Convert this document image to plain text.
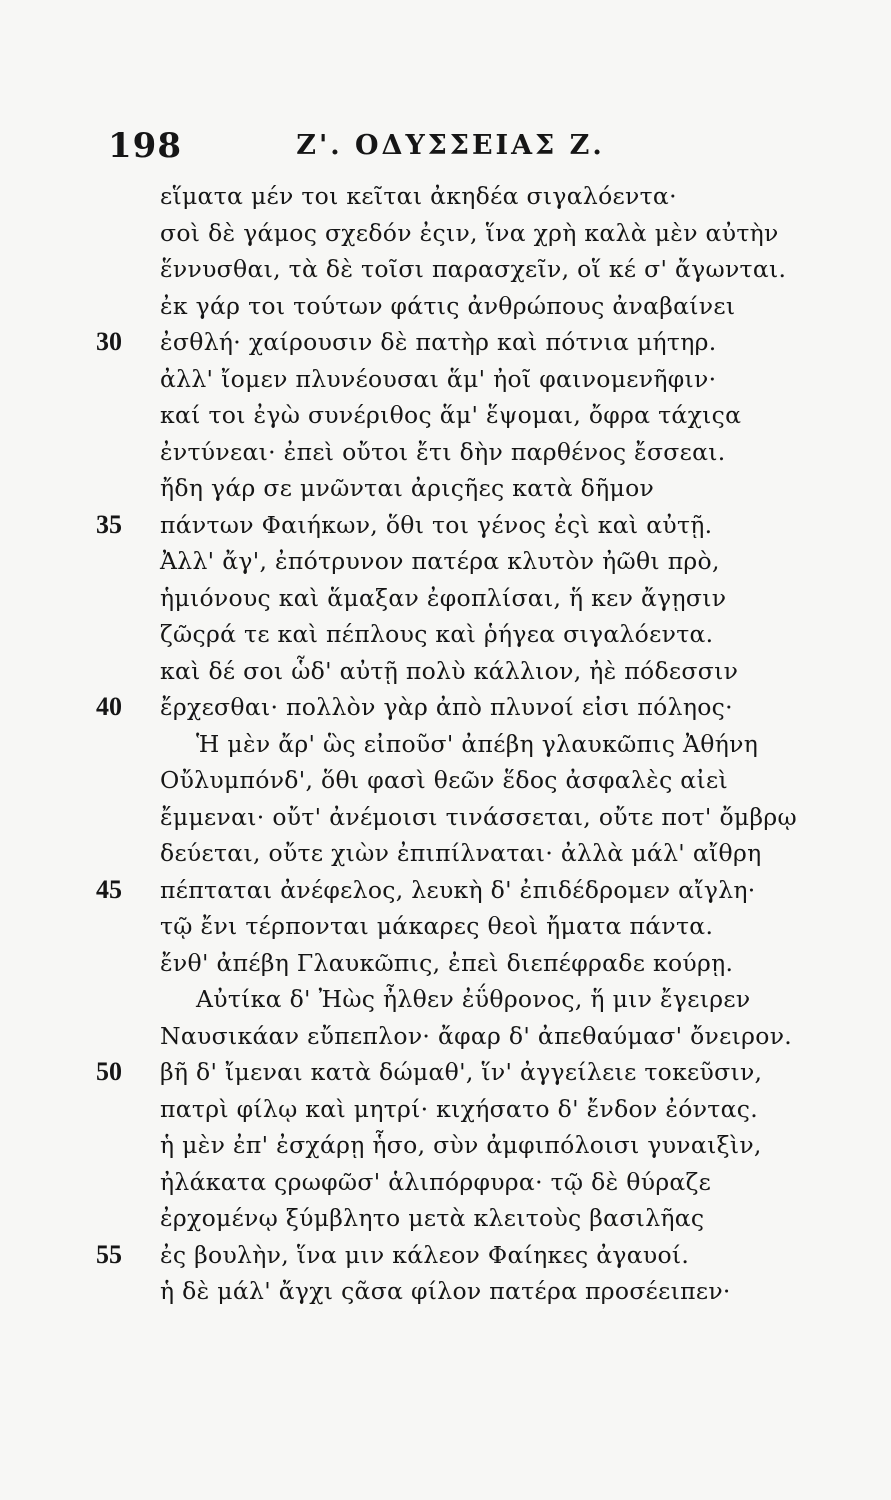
198	Ζ'. ΟΔΥΣΣΕΙΑΣ Ζ.
εἵματα μέν τοι κεῖται ἀκηδέα σιγαλόεντα·
σοὶ δὲ γάμος σχεδόν ἐςιν, ἵνα χρὴ καλὰ μὲν αὐτὴν
ἕννυσθαι, τὰ δὲ τοῖσι παρασχεῖν, οἵ κέ σ' ἄγωνται.
ἐκ γάρ τοι τούτων φάτις ἀνθρώπους ἀναβαίνει
30	ἐσθλή· χαίρουσιν δὲ πατὴρ καὶ πότνια μήτηρ.
ἀλλ' ἴομεν πλυνέουσαι ἅμ' ἠοῖ φαινομενῆφιν·
καί τοι ἐγὼ συνέριθος ἅμ' ἕψομαι, ὄφρα τάχιςα
ἐντύνεαι· ἐπεὶ οὔτοι ἔτι δὴν παρθένος ἔσσεαι.
ἤδη γάρ σε μνῶνται ἀριςῆες κατὰ δῆμον
35	πάντων Φαιήκων, ὅθι τοι γένος ἐςὶ καὶ αὐτῇ.
Ἀλλ' ἄγ', ἐπότρυνον πατέρα κλυτὸν ἠῶθι πρὸ,
ἡμιόνους καὶ ἅμαξαν ἐφοπλίσαι, ἥ κεν ἄγῃσιν
ζῶςρά τε καὶ πέπλους καὶ ῥήγεα σιγαλόεντα.
καὶ δέ σοι ὧδ' αὐτῇ πολὺ κάλλιον, ἠὲ πόδεσσιν
40	ἔρχεσθαι· πολλὸν γὰρ ἀπὸ πλυνοί εἰσι πόληος·
Ἡ μὲν ἄρ' ὣς εἰποῦσ' ἀπέβη γλαυκῶπις Ἀθήνη
Οὔλυμπόνδ', ὅθι φασὶ θεῶν ἕδος ἀσφαλὲς αἰεὶ
ἔμμεναι· οὔτ' ἀνέμοισι τινάσσεται, οὔτε ποτ' ὄμβρῳ
δεύεται, οὔτε χιὼν ἐπιπίλναται· ἀλλὰ μάλ' αἴθρη
45	πέπταται ἀνέφελος, λευκὴ δ' ἐπιδέδρομεν αἴγλη·
τῷ ἔνι τέρπονται μάκαρες θεοὶ ἤματα πάντα.
ἔνθ' ἀπέβη Γλαυκῶπις, ἐπεὶ διεπέφραδε κούρῃ.
Αὐτίκα δ' Ἠὼς ἦλθεν ἐΰθρονος, ἥ μιν ἔγειρεν
Ναυσικάαν εὔπεπλον· ἄφαρ δ' ἀπεθαύμασ' ὄνειρον.
50	βῆ δ' ἴμεναι κατὰ δώμαθ', ἵν' ἀγγείλειε τοκεῦσιν,
πατρὶ φίλῳ καὶ μητρί· κιχήσατο δ' ἔνδον ἐόντας.
ἡ μὲν ἐπ' ἐσχάρῃ ἧσο, σὺν ἀμφιπόλοισι γυναιξὶν,
ἠλάκατα ςρωφῶσ' ἁλιπόρφυρα· τῷ δὲ θύραζε
ἐρχομένῳ ξύμβλητο μετὰ κλειτοὺς βασιλῆας
55	ἐς βουλὴν, ἵνα μιν κάλεον Φαίηκες ἀγαυοί.
ἡ δὲ μάλ' ἄγχι ςᾶσα φίλον πατέρα προσέειπεν·
